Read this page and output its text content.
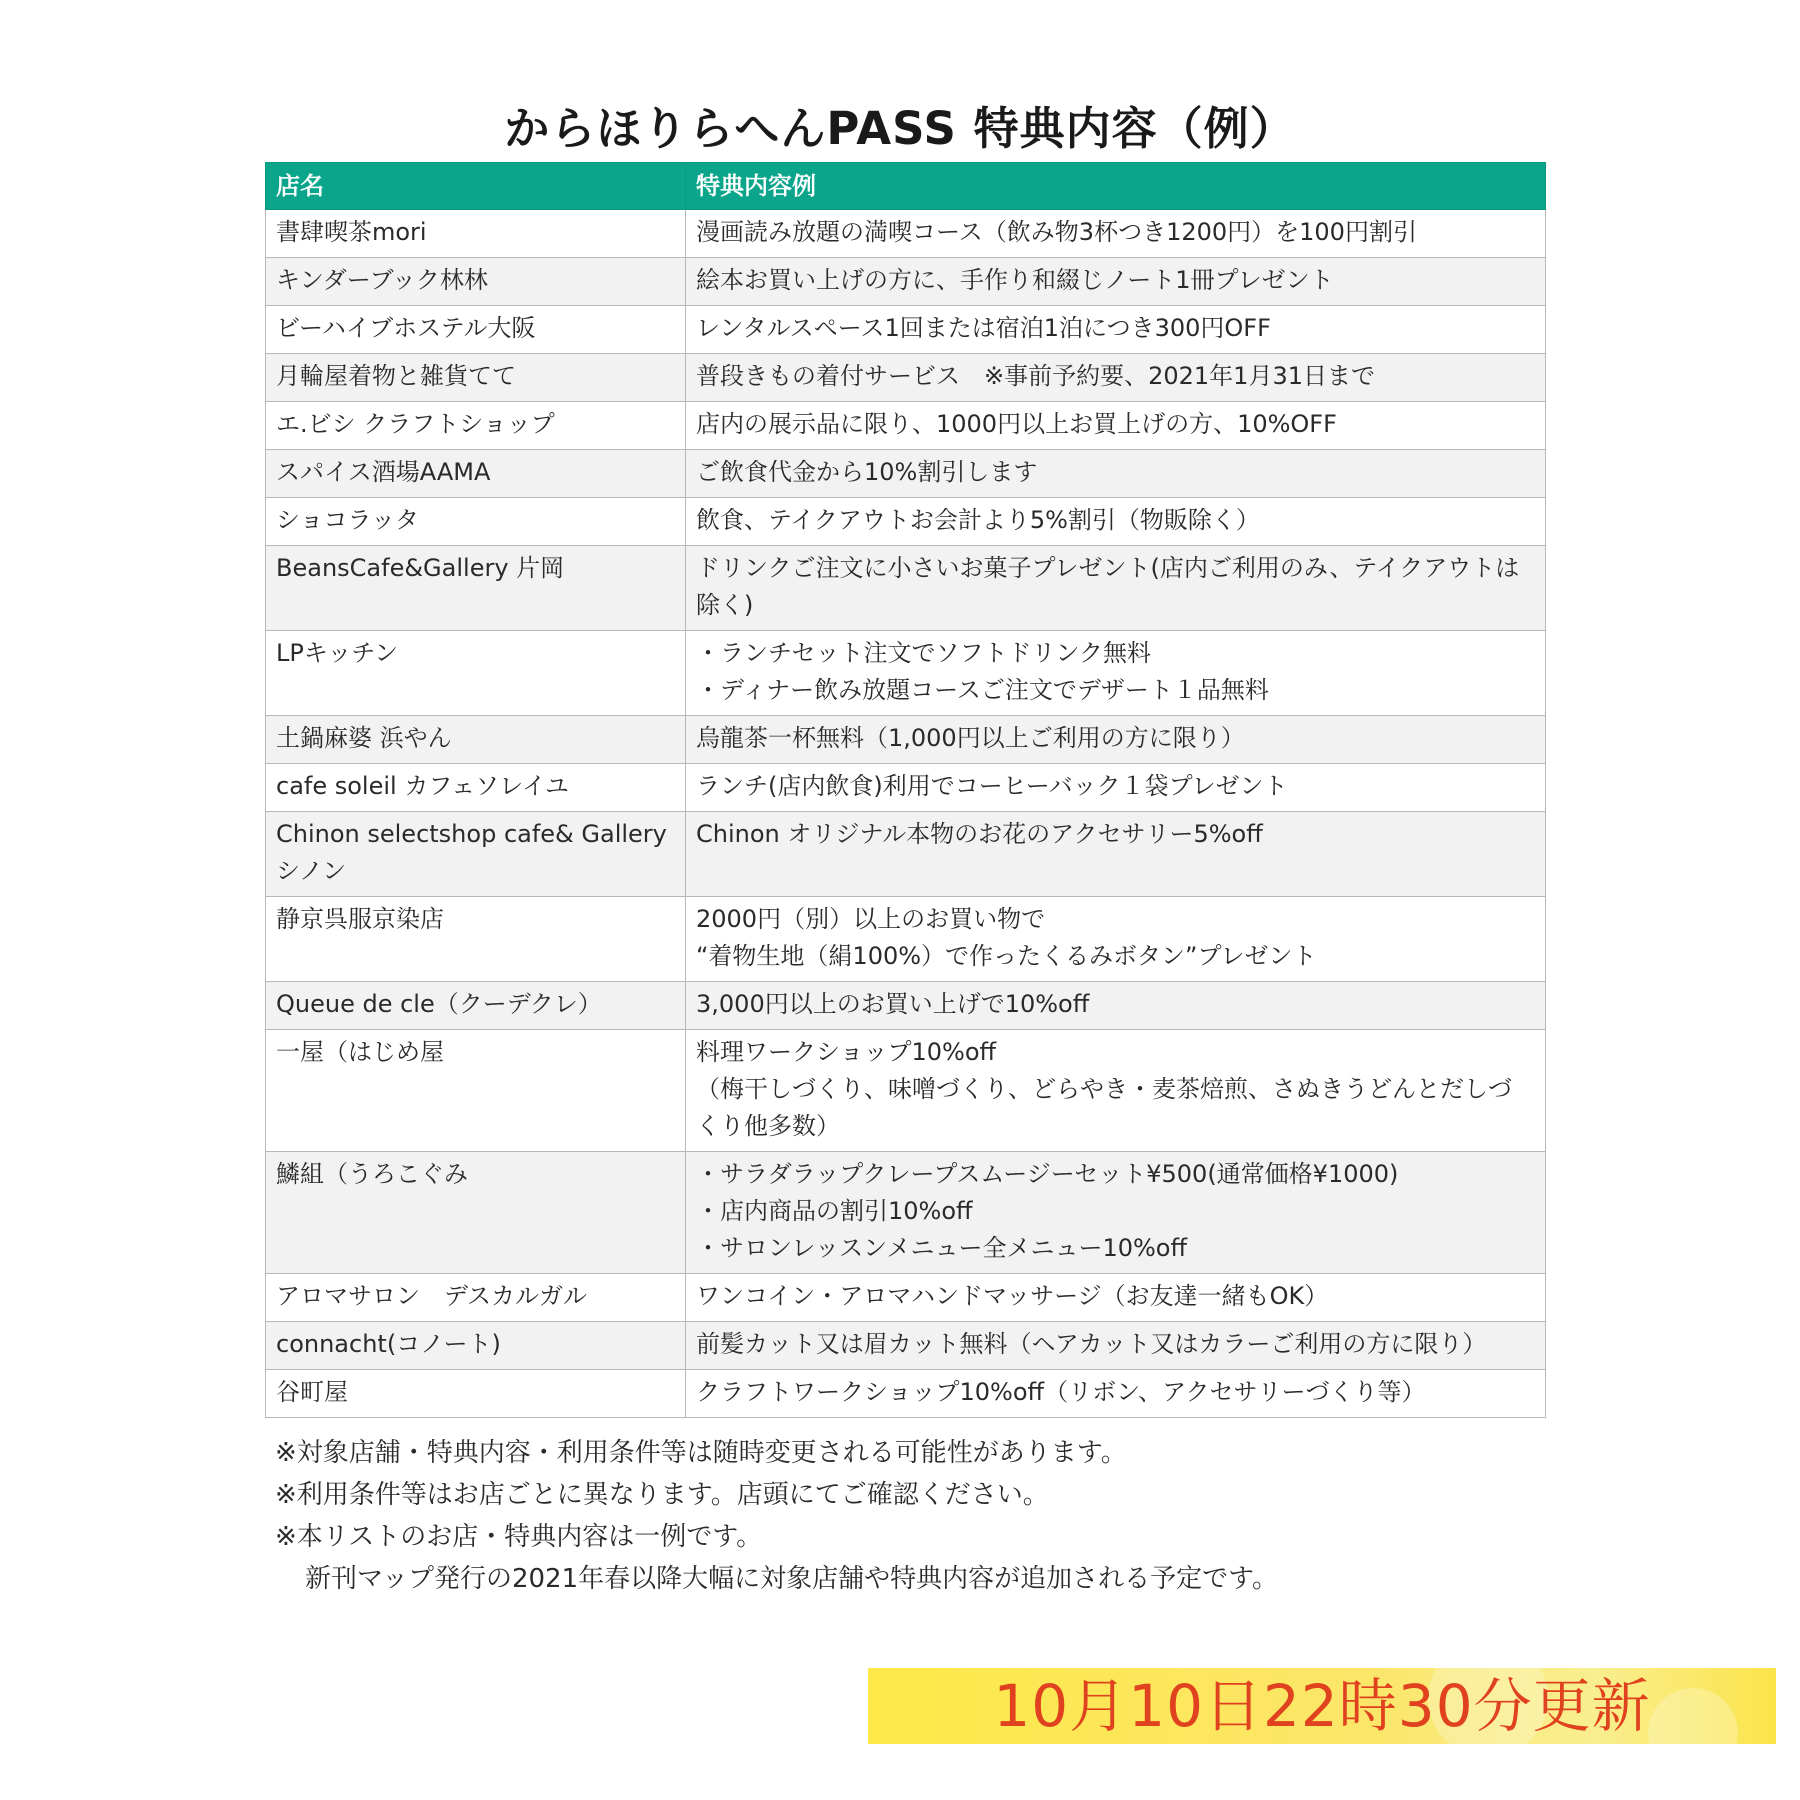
からほりらへんPASS 特典内容（例）
店名	特典内容例
書肆喫茶mori	漫画読み放題の満喫コース（飲み物3杯つき1200円）を100円割引
キンダーブック林林	絵本お買い上げの方に、手作り和綴じノート1冊プレゼント
ビーハイブホステル大阪	レンタルスペース1回または宿泊1泊につき300円OFF
月輪屋着物と雑貨てて	普段きもの着付サービス　※事前予約要、2021年1月31日まで
エ.ビシ クラフトショップ	店内の展示品に限り、1000円以上お買上げの方、10%OFF
スパイス酒場AAMA	ご飲食代金から10%割引します
ショコラッタ	飲食、テイクアウトお会計より5%割引（物販除く）
BeansCafe&Gallery 片岡	ドリンクご注文に小さいお菓子プレゼント(店内ご利用のみ、テイクアウトは除く)
LPキッチン	・ランチセット注文でソフトドリンク無料
・ディナー飲み放題コースご注文でデザート１品無料
土鍋麻婆 浜やん	烏龍茶一杯無料（1,000円以上ご利用の方に限り）
cafe soleil カフェソレイユ	ランチ(店内飲食)利用でコーヒーバック１袋プレゼント
Chinon selectshop cafe& Gallery シノン	Chinon オリジナル本物のお花のアクセサリー5%off
静京呉服京染店	2000円（別）以上のお買い物で
“着物生地（絹100%）で作ったくるみボタン”プレゼント
Queue de cle（クーデクレ）	3,000円以上のお買い上げで10%off
一屋（はじめ屋	料理ワークショップ10%off
（梅干しづくり、味噌づくり、どらやき・麦茶焙煎、さぬきうどんとだしづくり他多数）
鱗組（うろこぐみ	・サラダラップクレープスムージーセット¥500(通常価格¥1000)
・店内商品の割引10%off
・サロンレッスンメニュー全メニュー10%off
アロマサロン　デスカルガル	ワンコイン・アロマハンドマッサージ（お友達一緒もOK）
connacht(コノート)	前髪カット又は眉カット無料（ヘアカット又はカラーご利用の方に限り）
谷町屋	クラフトワークショップ10%off（リボン、アクセサリーづくり等）
※対象店舗・特典内容・利用条件等は随時変更される可能性があります。
※利用条件等はお店ごとに異なります。店頭にてご確認ください。
※本リストのお店・特典内容は一例です。
新刊マップ発行の2021年春以降大幅に対象店舗や特典内容が追加される予定です。
10月10日22時30分更新
